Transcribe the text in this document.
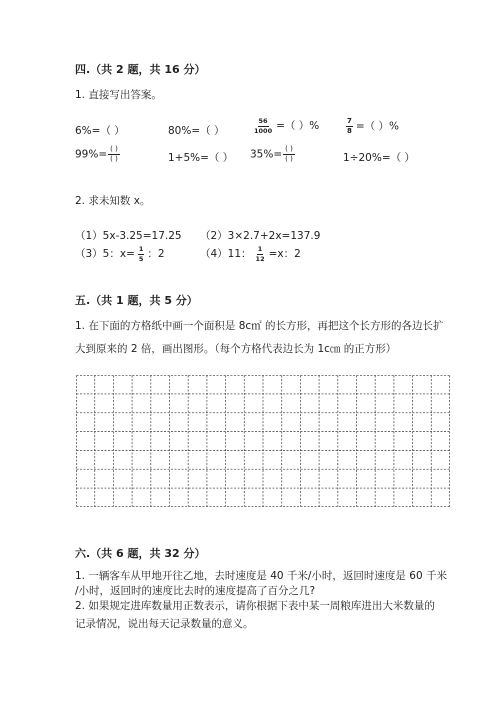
四.（共 2 题，共 16 分）
1. 直接写出答案。
6%=（ ）	80%=（ ）	$\frac{56}{1000}$ =（ ）%	$\frac{7}{8}$ =（ ）%
$99\%= \frac{( )}{( )}$	1+5%=（ ） $35\%= \frac{( )}{( )}$	1÷20%=（ ）
2. 求未知数 x。
（1）5x-3.25=17.25 （2）3×2.7+2x=137.9
（3）5：$x= \frac{1}{5}$ ：2	（4）11： $\frac{1}{12} =x$：2
五.（共 1 题，共 5 分）
1. 在下面的方格纸中画一个面积是 8c㎡ 的长方形，再把这个长方形的各边长扩
大到原来的 2 倍，画出图形。（每个方格代表边长为 1c㎝ 的正方形）
六.（共 6 题，共 32 分）
1. 一辆客车从甲地开往乙地，去时速度是 40 千米/小时，返回时速度是 60 千米
/小时，返回时的速度比去时的速度提高了百分之几?
2. 如果规定进库数量用正数表示，请你根据下表中某一周粮库进出大米数量的
记录情况，说出每天记录数量的意义。
